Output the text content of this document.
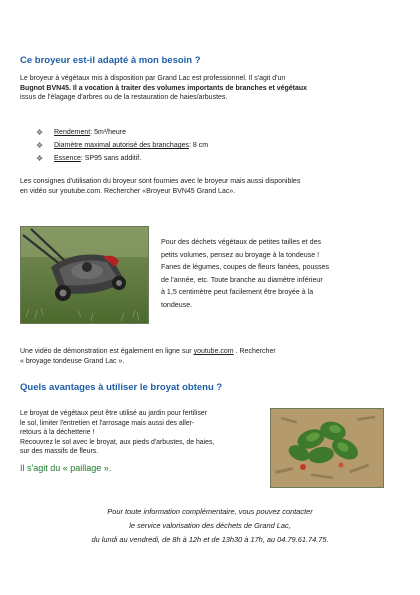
Ce broyeur est-il adapté à mon besoin ?
Le broyeur à végétaux mis à disposition par Grand Lac est professionnel. Il s'agit d'un
Bugnot BVN45. Il a vocation à traiter des volumes importants de branches et végétaux
issus de l'élagage d'arbres ou de la restauration de haies/arbustes.
❖	Rendement : 5m³/heure
❖	Diamètre maximal autorisé des branchages : 8 cm
❖	Essence : SP95 sans additif.
Les consignes d'utilisation du broyeur sont fournies avec le broyeur mais aussi disponibles
en vidéo sur youtube.com. Rechercher «Broyeur BVN45 Grand Lac».
Pour des déchets végétaux de petites tailles et des
petits volumes, pensez au broyage à la tondeuse !
Fanes de légumes, coupes de fleurs fanées, pousses
de l'année, etc. Toute branche au diamètre inférieur
à 1,5 centimètre peut facilement être broyée à la
tondeuse.
Une vidéo de démonstration est également en ligne sur youtube.com . Rechercher
« broyage tondeuse Grand Lac ».
Quels avantages à utiliser le broyat obtenu ?
Le broyat de végétaux peut être utilisé au jardin pour fertiliser
le sol, limiter l'entretien et l'arrosage mais aussi des aller-
retours à la déchetterie !
Recouvrez le sol avec le broyat, aux pieds d'arbustes, de haies,
sur des massifs de fleurs.
Il s'agit du « paillage ».
Pour toute information complémentaire, vous pouvez contacter
le service valorisation des déchets de Grand Lac,
du lundi au vendredi, de 8h à 12h et de 13h30 à 17h, au 04.79.61.74.75.
